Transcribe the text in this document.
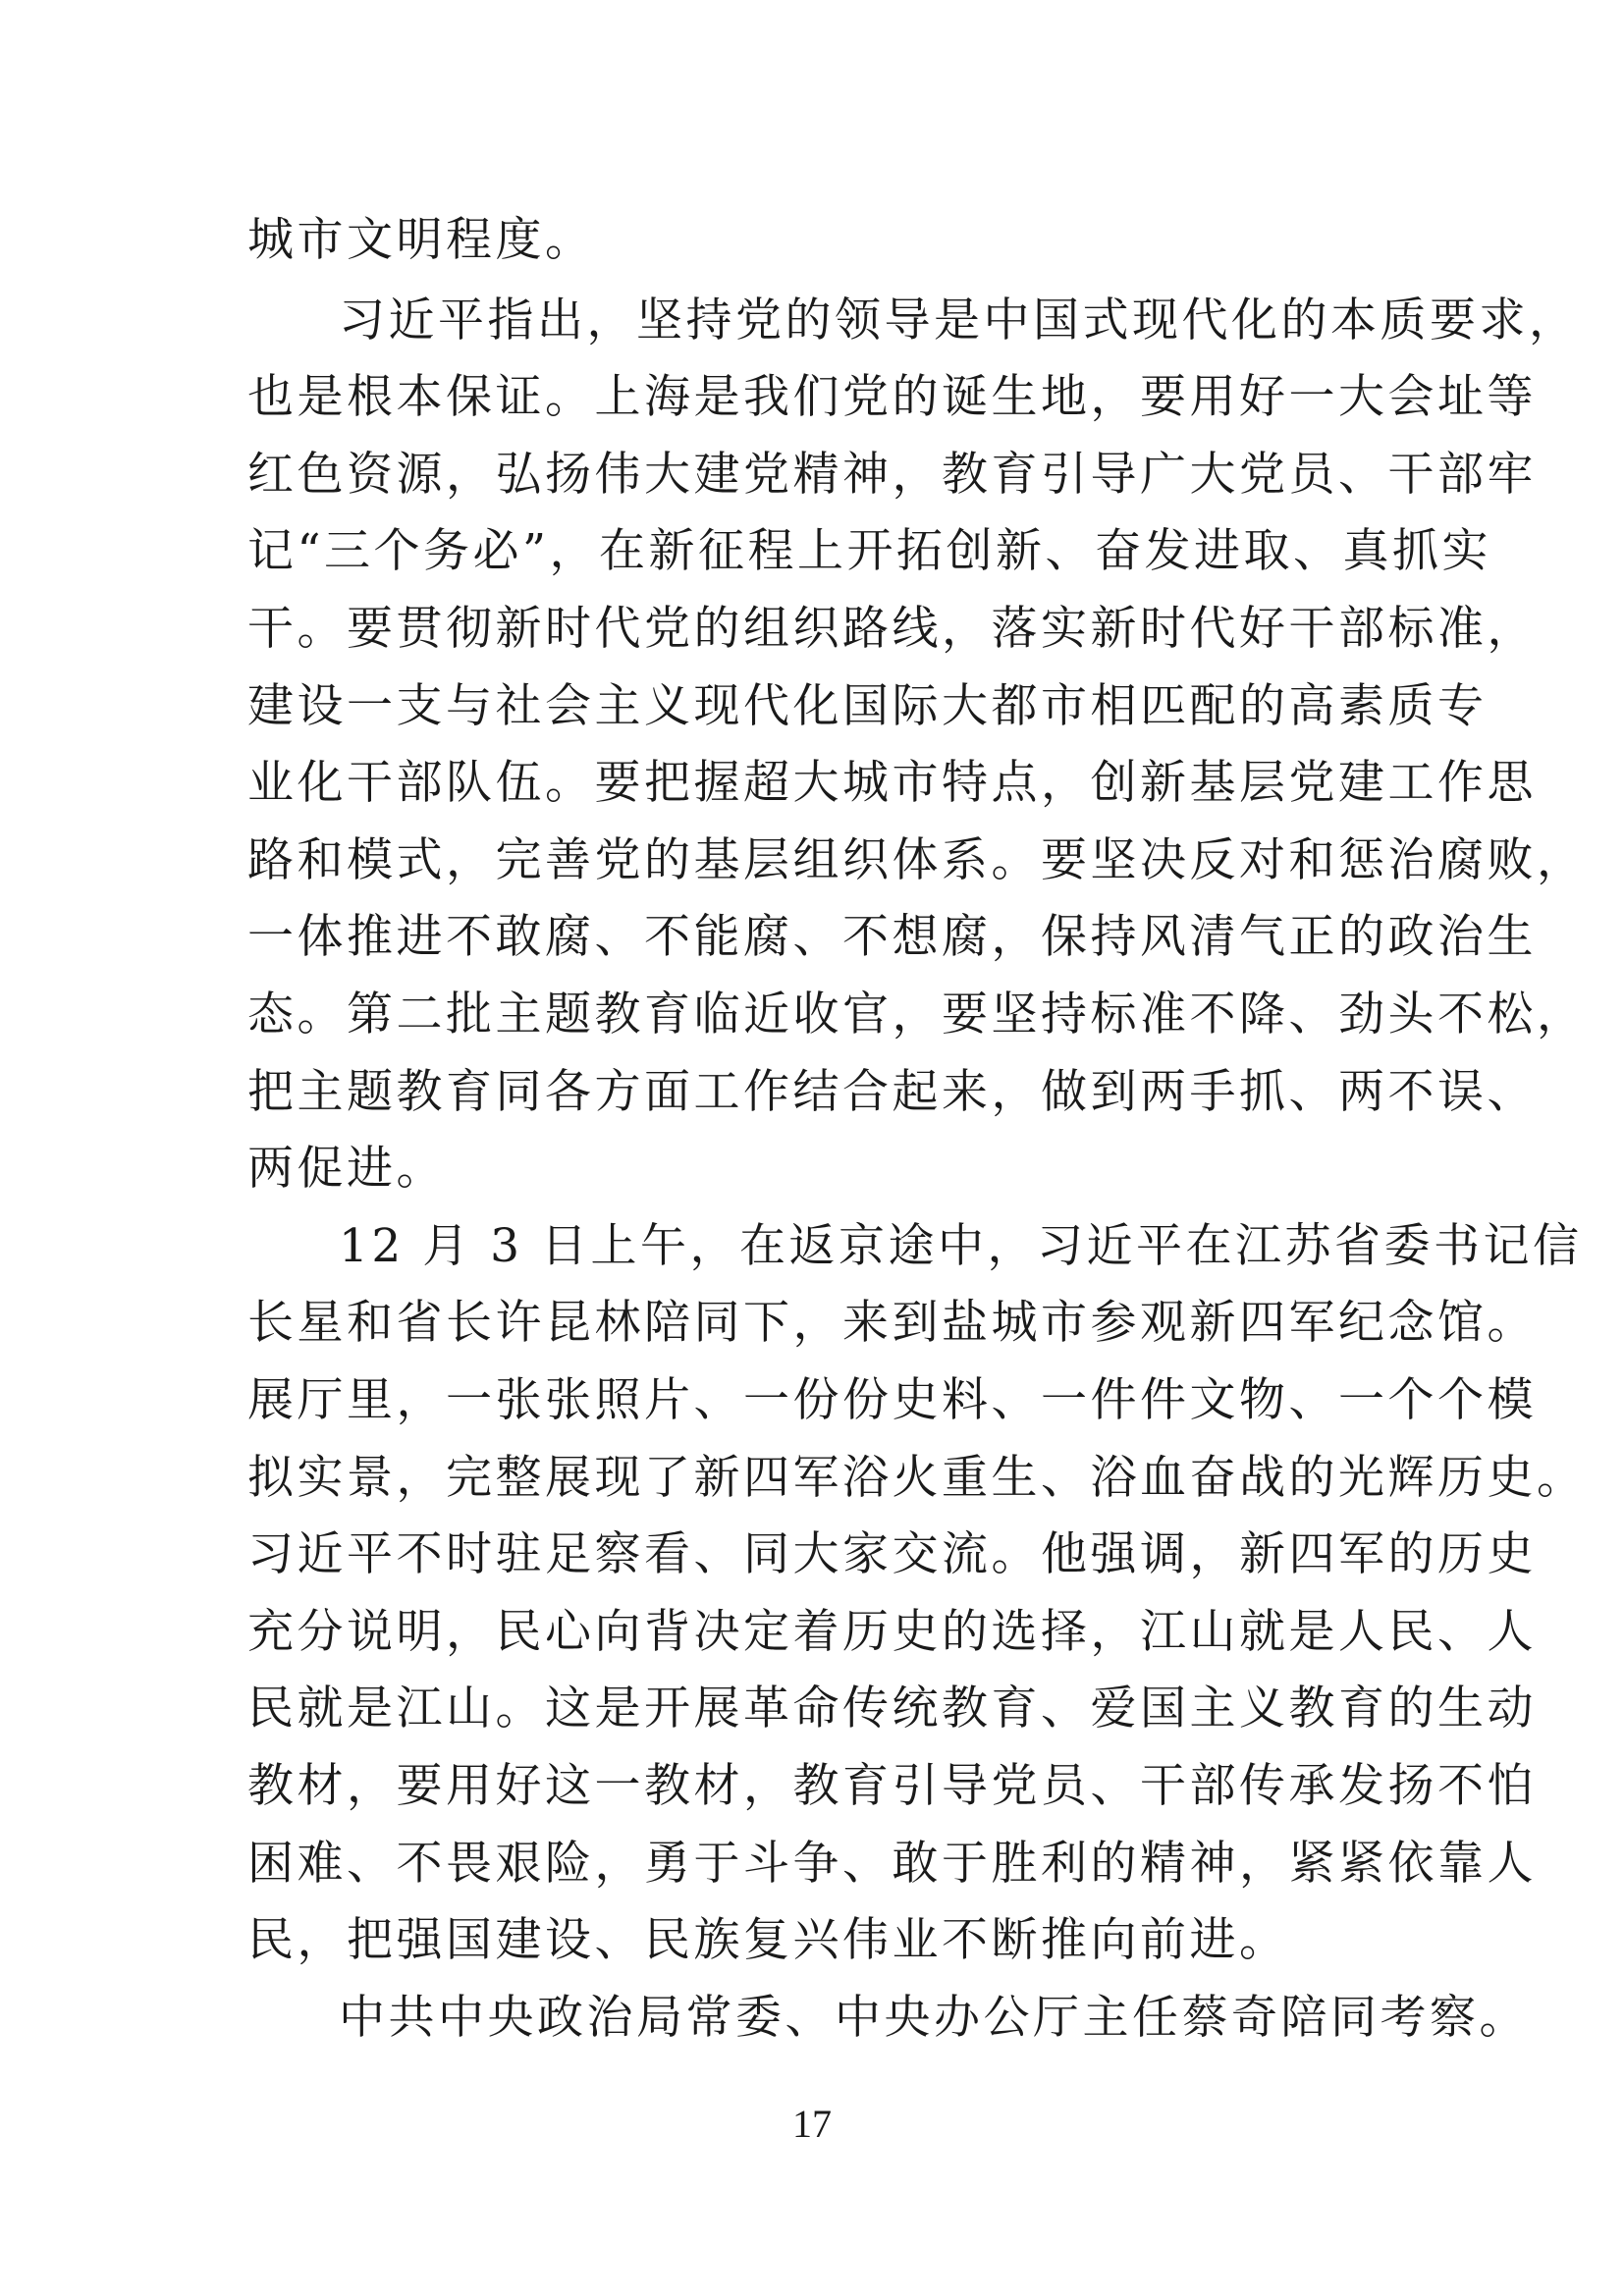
城市文明程度。
习近平指出，坚持党的领导是中国式现代化的本质要求，
也是根本保证。上海是我们党的诞生地，要用好一大会址等
红色资源，弘扬伟大建党精神，教育引导广大党员、干部牢
记“三个务必”，在新征程上开拓创新、奋发进取、真抓实
干。要贯彻新时代党的组织路线，落实新时代好干部标准，
建设一支与社会主义现代化国际大都市相匹配的高素质专
业化干部队伍。要把握超大城市特点，创新基层党建工作思
路和模式，完善党的基层组织体系。要坚决反对和惩治腐败，
一体推进不敢腐、不能腐、不想腐，保持风清气正的政治生
态。第二批主题教育临近收官，要坚持标准不降、劲头不松，
把主题教育同各方面工作结合起来，做到两手抓、两不误、
两促进。
12 月 3 日上午，在返京途中，习近平在江苏省委书记信
长星和省长许昆林陪同下，来到盐城市参观新四军纪念馆。
展厅里，一张张照片、一份份史料、一件件文物、一个个模
拟实景，完整展现了新四军浴火重生、浴血奋战的光辉历史。
习近平不时驻足察看、同大家交流。他强调，新四军的历史
充分说明，民心向背决定着历史的选择，江山就是人民、人
民就是江山。这是开展革命传统教育、爱国主义教育的生动
教材，要用好这一教材，教育引导党员、干部传承发扬不怕
困难、不畏艰险，勇于斗争、敢于胜利的精神，紧紧依靠人
民，把强国建设、民族复兴伟业不断推向前进。
中共中央政治局常委、中央办公厅主任蔡奇陪同考察。
17
